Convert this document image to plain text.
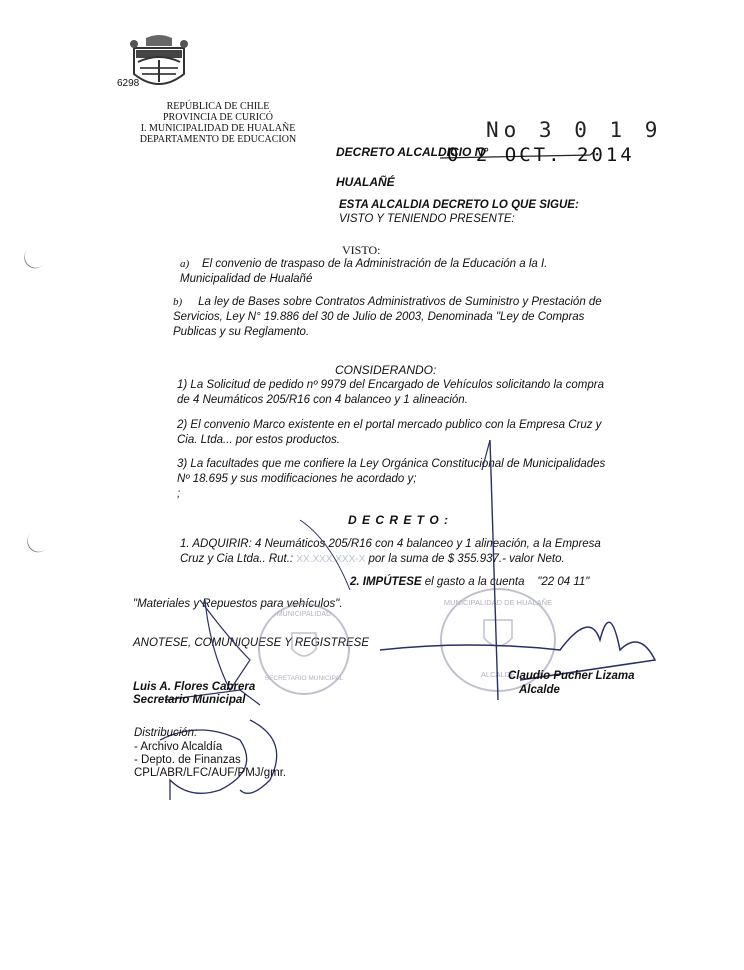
6298
REPÚBLICA DE CHILE
PROVINCIA DE CURICÓ
I. MUNICIPALIDAD DE HUALAÑE
DEPARTAMENTO DE EDUCACION	No 3 0 1 9
DECRETO ALCALDICIO N°
0 2 OCT. 2014
HUALAÑÉ
ESTA ALCALDIA DECRETO LO QUE SIGUE:
VISTO Y TENIENDO PRESENTE:
VISTO:
a) El convenio de traspaso de la Administración de la Educación a la I.
Municipalidad de Hualañé
b) La ley de Bases sobre Contratos Administrativos de Suministro y Prestación de
Servicios, Ley N° 19.886 del 30 de Julio de 2003, Denominada "Ley de Compras
Publicas y su Reglamento.
CONSIDERANDO:
1) La Solicitud de pedido nº 9979 del Encargado de Vehículos solicitando la compra
de 4 Neumáticos 205/R16 con 4 balanceo y 1 alineación.
2) El convenio Marco existente en el portal mercado publico con la Empresa Cruz y
Cia. Ltda... por estos productos.
3) La facultades que me confiere la Ley Orgánica Constitucional de Municipalidades
Nº 18.695 y sus modificaciones he acordado y;
;
D E C R E T O :
1. ADQUIRIR: 4 Neumáticos 205/R16 con 4 balanceo y 1 alineación, a la Empresa
Cruz y Cia Ltda.. Rut.: XX.XXX.XXX-X por la suma de $ 355.937.- valor Neto.
2. IMPÚTESE el gasto a la cuenta "22 04 11"
"Materiales y Repuestos para vehículos".
ANOTESE, COMUNIQUESE Y REGISTRESE
MUNICIPALIDAD
SECRETARIO MUNICIPAL
MUNICIPALIDAD DE HUALAÑE
ALCALDE
Luis A. Flores Cabrera
Secretario Municipal
Claudio Pucher Lizama
Alcalde
Distribución:
- Archivo Alcaldía
- Depto. de Finanzas
CPL/ABR/LFC/AUF/PMJ/gmr.
